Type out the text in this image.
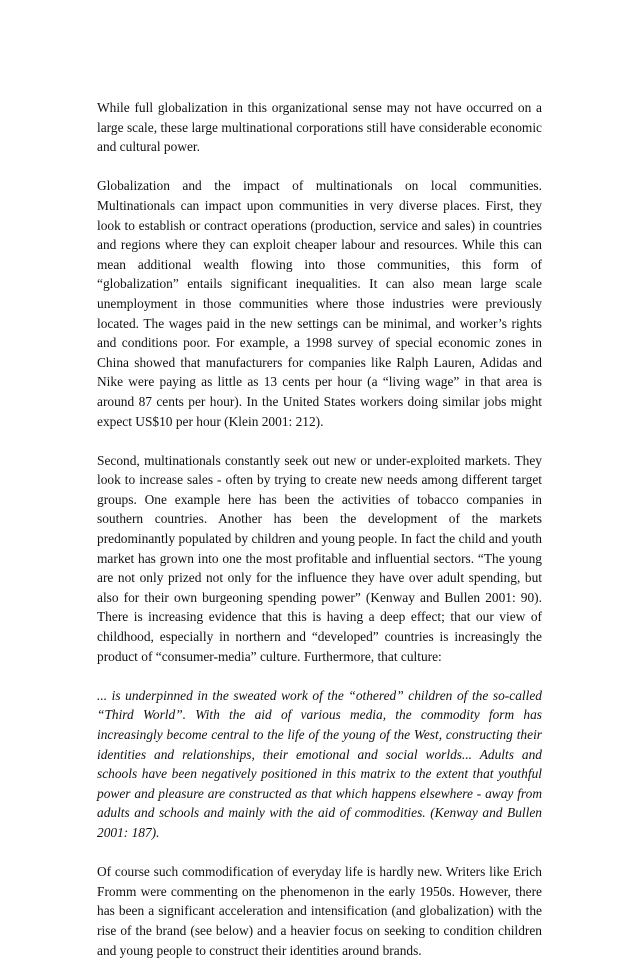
While full globalization in this organizational sense may not have occurred on a large scale, these large multinational corporations still have considerable economic and cultural power.

Globalization and the impact of multinationals on local communities. Multinationals can impact upon communities in very diverse places. First, they look to establish or contract operations (production, service and sales) in countries and regions where they can exploit cheaper labour and resources. While this can mean additional wealth flowing into those communities, this form of “globalization” entails significant inequalities. It can also mean large scale unemployment in those communities where those industries were previously located. The wages paid in the new settings can be minimal, and worker’s rights and conditions poor. For example, a 1998 survey of special economic zones in China showed that manufacturers for companies like Ralph Lauren, Adidas and Nike were paying as little as 13 cents per hour (a “living wage” in that area is around 87 cents per hour). In the United States workers doing similar jobs might expect US$10 per hour (Klein 2001: 212).

Second, multinationals constantly seek out new or under-exploited markets. They look to increase sales - often by trying to create new needs among different target groups. One example here has been the activities of tobacco companies in southern countries. Another has been the development of the markets predominantly populated by children and young people. In fact the child and youth market has grown into one the most profitable and influential sectors. “The young are not only prized not only for the influence they have over adult spending, but also for their own burgeoning spending power” (Kenway and Bullen 2001: 90). There is increasing evidence that this is having a deep effect; that our view of childhood, especially in northern and “developed” countries is increasingly the product of “consumer-media” culture. Furthermore, that culture:

... is underpinned in the sweated work of the “othered” children of the so-called “Third World”. With the aid of various media, the commodity form has increasingly become central to the life of the young of the West, constructing their identities and relationships, their emotional and social worlds... Adults and schools have been negatively positioned in this matrix to the extent that youthful power and pleasure are constructed as that which happens elsewhere - away from adults and schools and mainly with the aid of commodities. (Kenway and Bullen 2001: 187).

Of course such commodification of everyday life is hardly new. Writers like Erich Fromm were commenting on the phenomenon in the early 1950s. However, there has been a significant acceleration and intensification (and globalization) with the rise of the brand (see below) and a heavier focus on seeking to condition children and young people to construct their identities around brands.
